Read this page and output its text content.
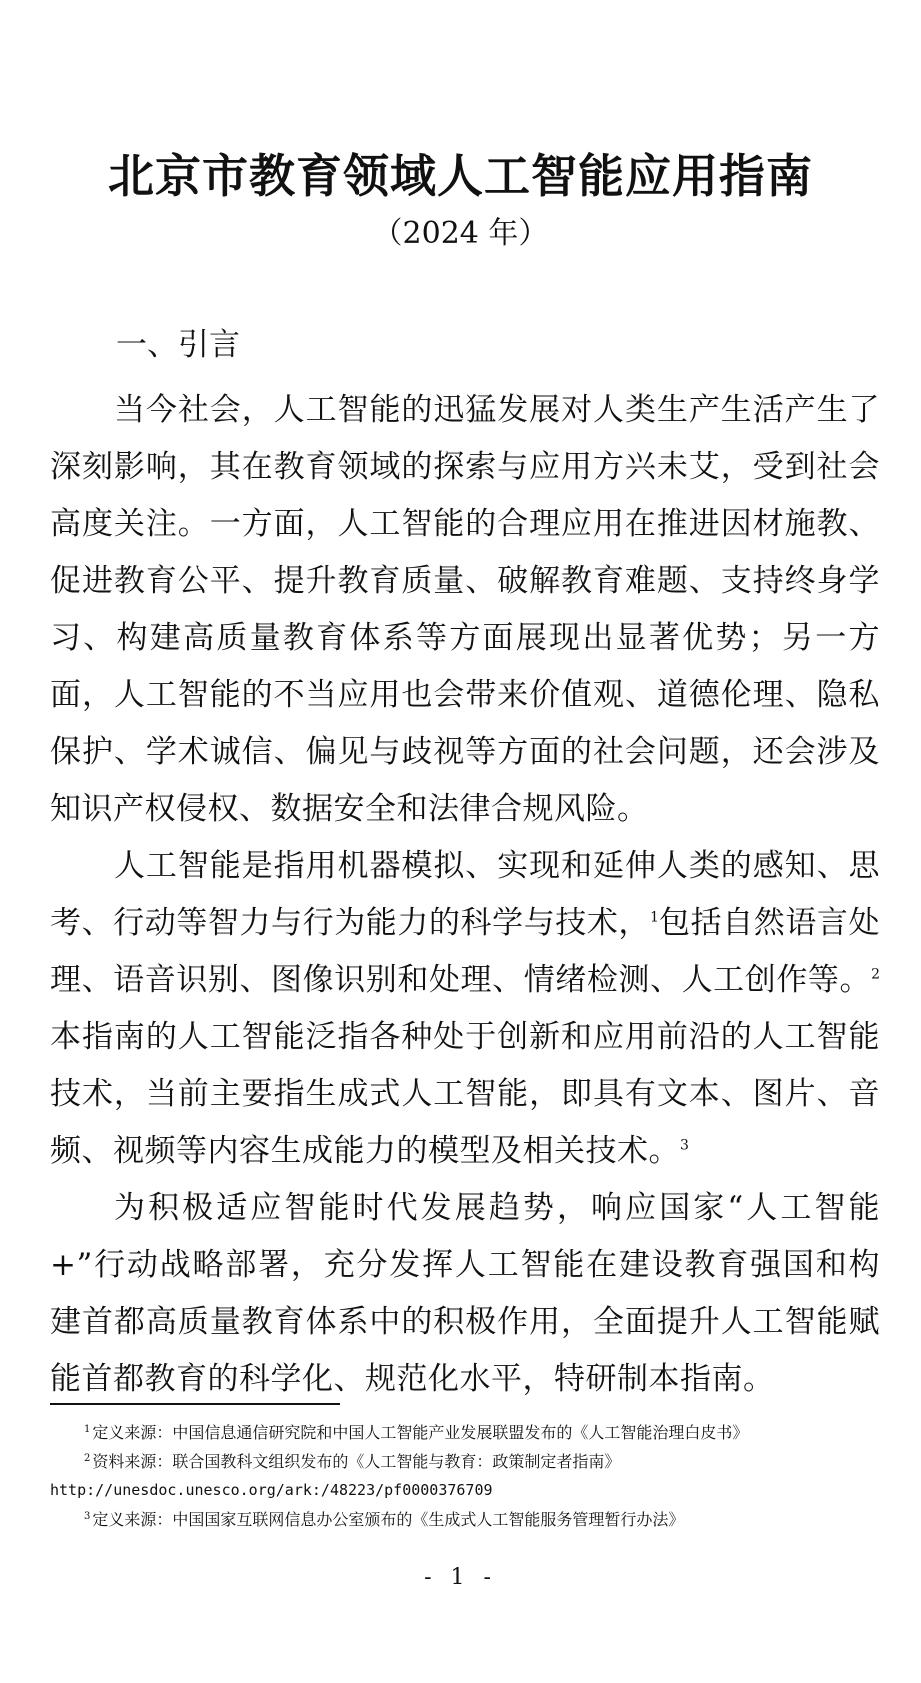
北京市教育领域人工智能应用指南
（2024 年）
一、引言

当今社会，人工智能的迅猛发展对人类生产生活产生了深刻影响，其在教育领域的探索与应用方兴未艾，受到社会高度关注。一方面，人工智能的合理应用在推进因材施教、促进教育公平、提升教育质量、破解教育难题、支持终身学习、构建高质量教育体系等方面展现出显著优势；另一方面，人工智能的不当应用也会带来价值观、道德伦理、隐私保护、学术诚信、偏见与歧视等方面的社会问题，还会涉及知识产权侵权、数据安全和法律合规风险。

人工智能是指用机器模拟、实现和延伸人类的感知、思考、行动等智力与行为能力的科学与技术，$^1$包括自然语言处理、语音识别、图像识别和处理、情绪检测、人工创作等。$^2$本指南的人工智能泛指各种处于创新和应用前沿的人工智能技术，当前主要指生成式人工智能，即具有文本、图片、音频、视频等内容生成能力的模型及相关技术。$^3$

为积极适应智能时代发展趋势，响应国家“人工智能+”行动战略部署，充分发挥人工智能在建设教育强国和构建首都高质量教育体系中的积极作用，全面提升人工智能赋能首都教育的科学化、规范化水平，特研制本指南。

$^1$ 定义来源：中国信息通信研究院和中国人工智能产业发展联盟发布的《人工智能治理白皮书》

$^2$ 资料来源：联合国教科文组织发布的《人工智能与教育：政策制定者指南》

http://unesdoc.unesco.org/ark:/48223/pf0000376709

$^3$ 定义来源：中国国家互联网信息办公室颁布的《生成式人工智能服务管理暂行办法》

- 1 -
